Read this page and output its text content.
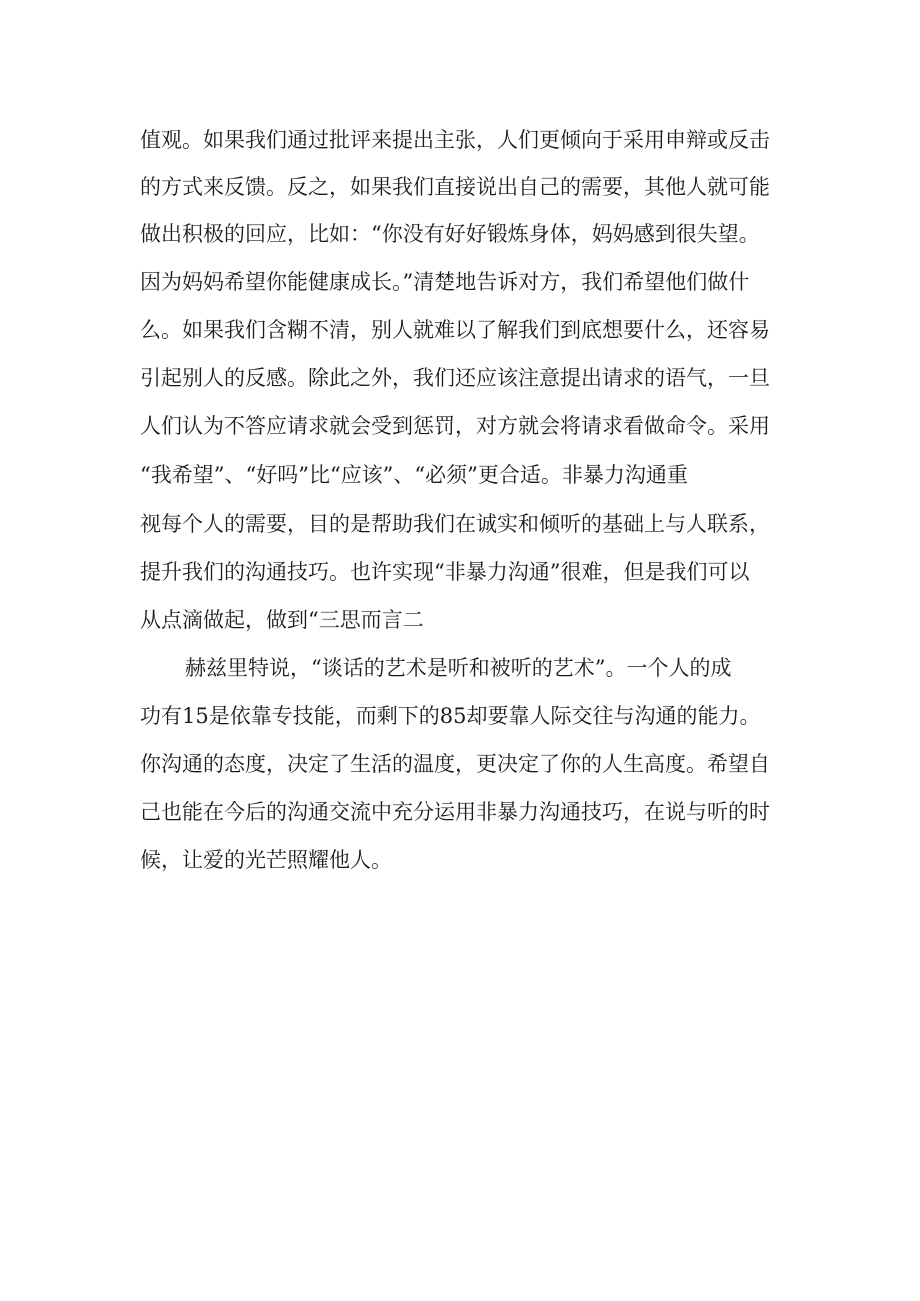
值观。如果我们通过批评来提出主张，人们更倾向于采用申辩或反击
的方式来反馈。反之，如果我们直接说出自己的需要，其他人就可能
做出积极的回应，比如：“你没有好好锻炼身体，妈妈感到很失望。
因为妈妈希望你能健康成长。”清楚地告诉对方，我们希望他们做什
么。如果我们含糊不清，别人就难以了解我们到底想要什么，还容易
引起别人的反感。除此之外，我们还应该注意提出请求的语气，一旦
人们认为不答应请求就会受到惩罚，对方就会将请求看做命令。采用
“我希望”、“好吗”比“应该”、“必须”更合适。非暴力沟通重
视每个人的需要，目的是帮助我们在诚实和倾听的基础上与人联系，
提升我们的沟通技巧。也许实现“非暴力沟通”很难，但是我们可以
从点滴做起，做到“三思而言二
赫兹里特说，“谈话的艺术是听和被听的艺术”。一个人的成
功有15是依靠专技能，而剩下的85却要靠人际交往与沟通的能力。
你沟通的态度，决定了生活的温度，更决定了你的人生高度。希望自
己也能在今后的沟通交流中充分运用非暴力沟通技巧，在说与听的时
候，让爱的光芒照耀他人。
